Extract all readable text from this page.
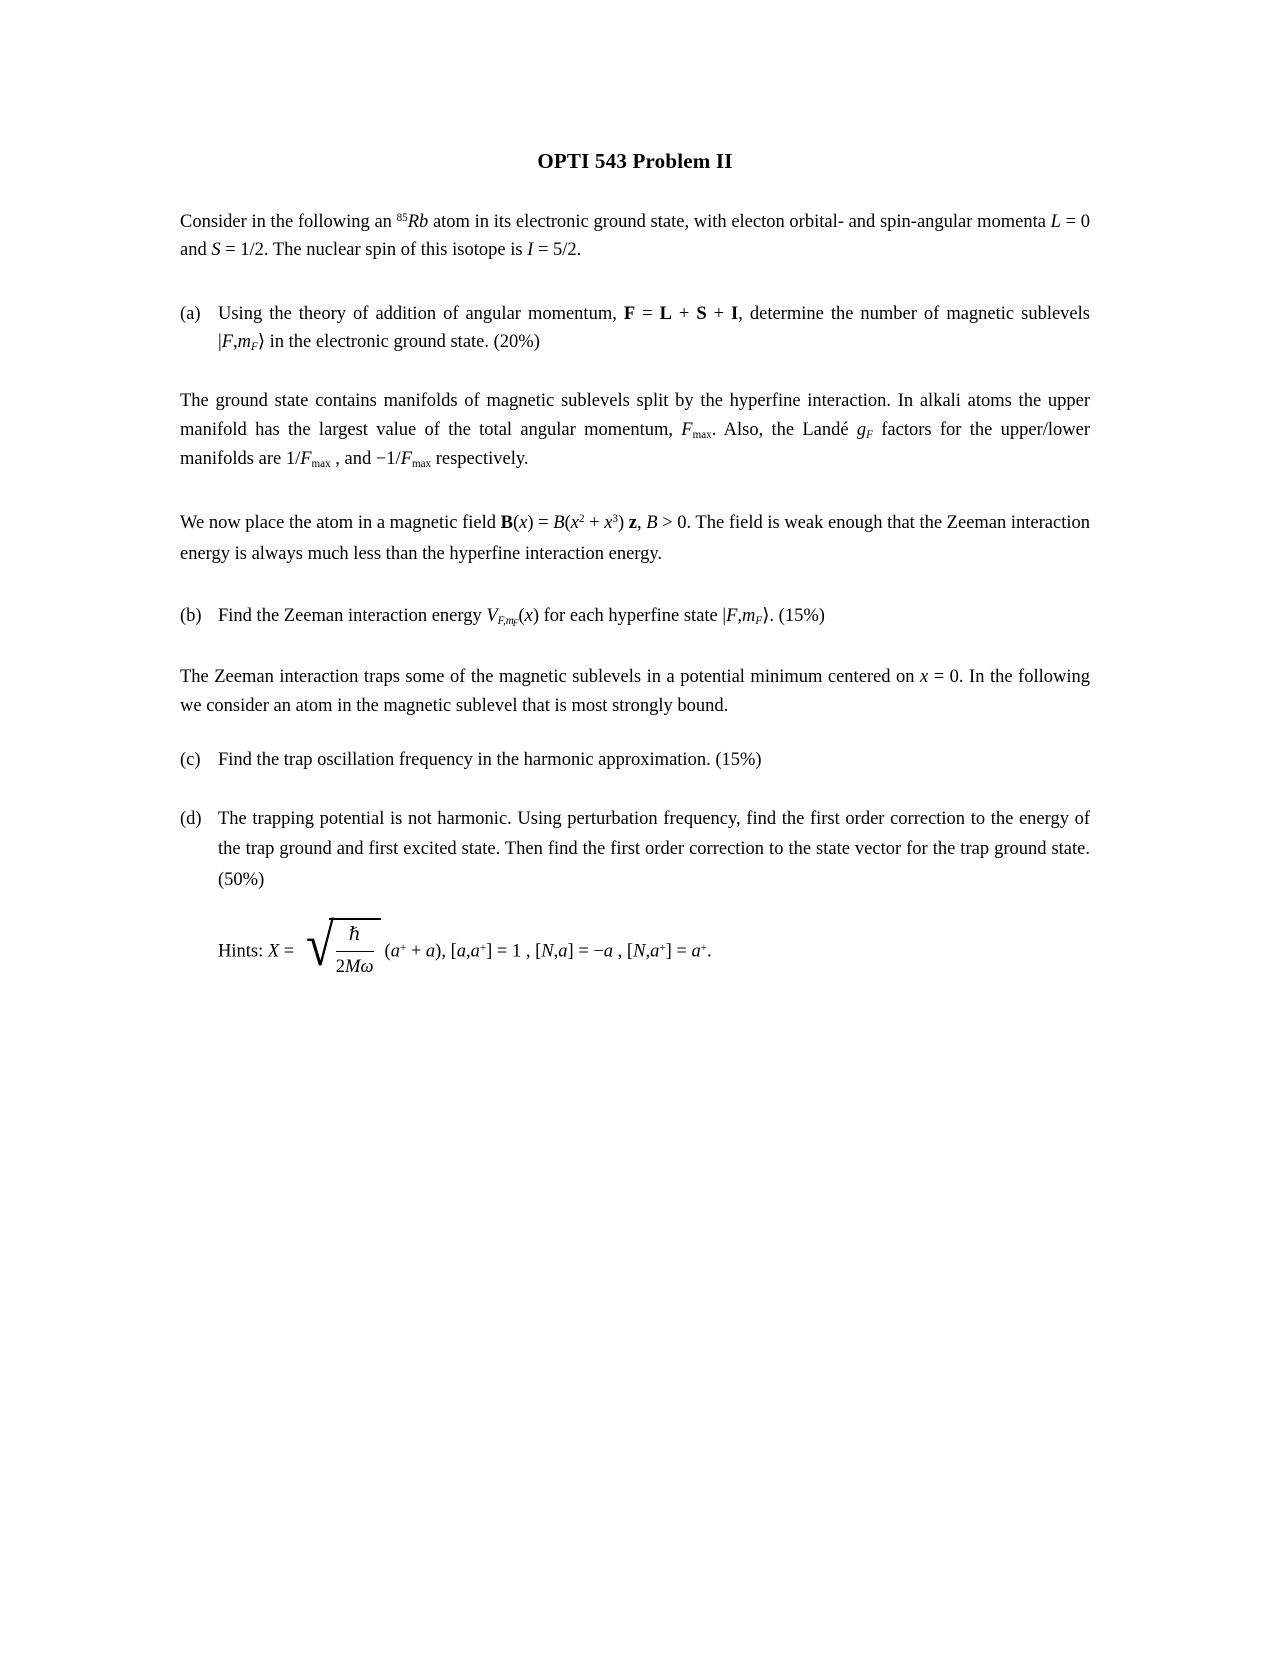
OPTI 543 Problem II

Consider in the following an $^{85}$Rb atom in its electronic ground state, with electon orbital- and spin-angular momenta L = 0 and S = 1/2. The nuclear spin of this isotope is I = 5/2.

(a) Using the theory of addition of angular momentum, F = L + S + I, determine the number of magnetic sublevels |F,mF⟩ in the electronic ground state. (20%)

The ground state contains manifolds of magnetic sublevels split by the hyperfine interaction. In alkali atoms the upper manifold has the largest value of the total angular momentum, Fmax. Also, the Landé gF factors for the upper/lower manifolds are 1/Fmax , and −1/Fmax respectively.

We now place the atom in a magnetic field $B(x) = B(x^2 + x^3)$ z, B > 0. The field is weak enough that the Zeeman interaction energy is always much less than the hyperfine interaction energy.

(b) Find the Zeeman interaction energy $VF,m_F(x)$ for each hyperfine state |F,mF⟩. (15%)

The Zeeman interaction traps some of the magnetic sublevels in a potential minimum centered on x = 0. In the following we consider an atom in the magnetic sublevel that is most strongly bound.

(c) Find the trap oscillation frequency in the harmonic approximation. (15%)
(d) The trapping potential is not harmonic. Using perturbation frequency, find the first order correction to the energy of the trap ground and first excited state. Then find the first order correction to the state vector for the trap ground state. (50%)

Hints: X = √
$\frac{\text{ℏ}}{2M\omega} (a^+ + a)$, [a,a+] = 1 , [N,a] = −a , [N,a+] = a+.
